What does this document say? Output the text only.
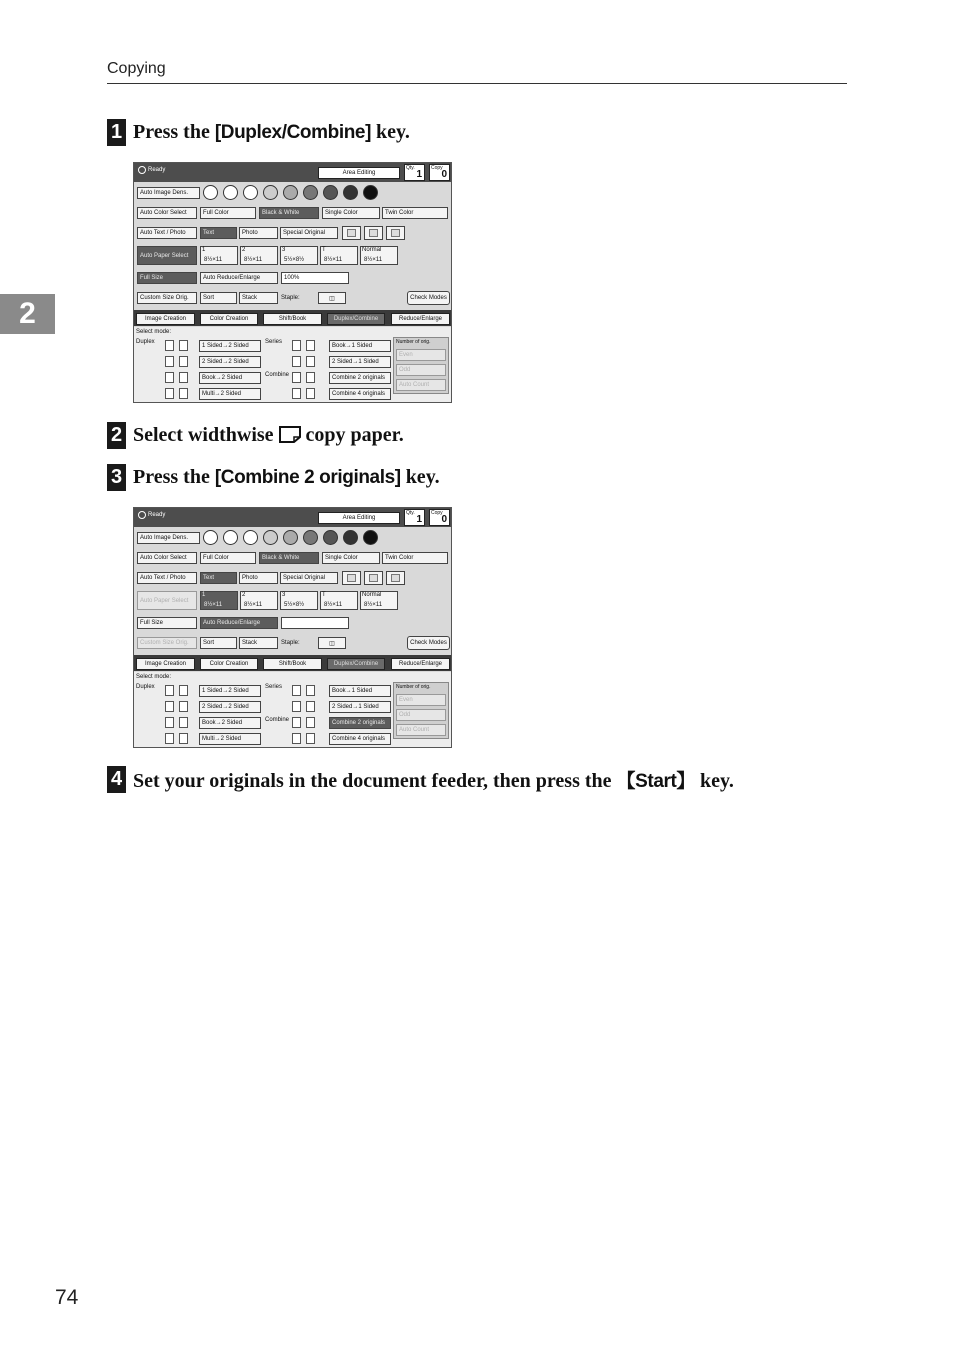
Copying
2
1 Press the [Duplex/Combine] key.
Ready	Area Editing
Qty.
1
Copy
0
Auto Image Dens.
Auto Color Select	Full Color	Black & White	Single Color	Twin Color
Auto Text / Photo	Text	Photo	Special Original
Auto Paper Select
1
8½×11
2
8½×11
3
5½×8½
T
8½×11
Normal
8½×11
Full Size	Auto Reduce/Enlarge	100%
Custom Size Orig.	Sort	Stack	Staple:	◫	Check Modes
Image Creation	Color Creation	Shift/Book	Duplex/Combine	Reduce/Enlarge
Select mode:
Duplex	Series
Combine
1 Sided→2 Sided
2 Sided→2 Sided
Book→2 Sided
Multi→2 Sided
Book→1 Sided
2 Sided→1 Sided
Combine 2 originals
Combine 4 originals
Number of orig.
Even
Odd
Auto Count
2 Select widthwise  copy paper.
3 Press the [Combine 2 originals] key.
Ready	Area Editing
Qty.
1
Copy
0
Auto Image Dens.
Auto Color Select	Full Color	Black & White	Single Color	Twin Color
Auto Text / Photo	Text	Photo	Special Original
Auto Paper Select
1
8½×11
2
8½×11
3
5½×8½
T
8½×11
Normal
8½×11
Full Size	Auto Reduce/Enlarge
Custom Size Orig.	Sort	Stack	Staple:	◫	Check Modes
Image Creation	Color Creation	Shift/Book	Duplex/Combine	Reduce/Enlarge
Select mode:
Duplex	Series
Combine
1 Sided→2 Sided
2 Sided→2 Sided
Book→2 Sided
Multi→2 Sided
Book→1 Sided
2 Sided→1 Sided
Combine 2 originals
Combine 4 originals
Number of orig.
Even
Odd
Auto Count
4 Set your originals in the document feeder, then press the 【Start】 key.
74
